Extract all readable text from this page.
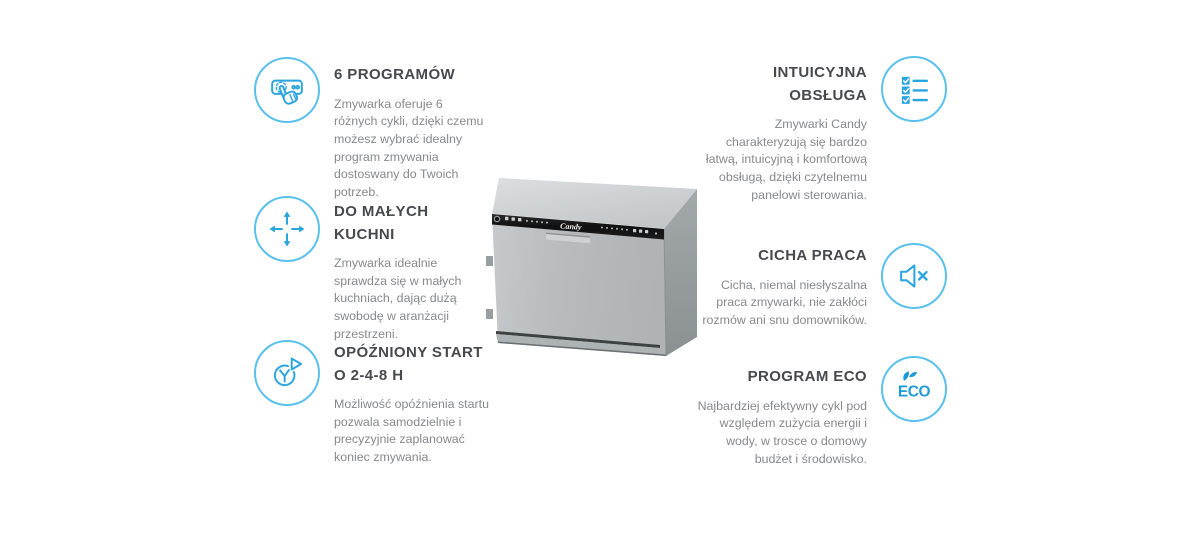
6 PROGRAMÓW

Zmywarka oferuje 6 różnych cykli, dzięki czemu możesz wybrać idealny program zmywania dostoswany do Twoich potrzeb.

DO MAŁYCH KUCHNI

Zmywarka idealnie sprawdza się w małych kuchniach, dając dużą swobodę w aranżacji przestrzeni.

OPÓŹNIONY START O 2-4-8 H

Możliwość opóźnienia startu pozwala samodzielnie i precyzyjnie zaplanować koniec zmywania.

INTUICYJNA OBSŁUGA

Zmywarki Candy charakteryzują się bardzo łatwą, intuicyjną i komfortową obsługą, dzięki czytelnemu panelowi sterowania.

CICHA PRACA

Cicha, niemal niesłyszalna praca zmywarki, nie zakłóci rozmów ani snu domowników.

PROGRAM ECO

Najbardziej efektywny cykl pod względem zużycia energii i wody, w trosce o domowy budżet i środowisko.

ECO
Candy
